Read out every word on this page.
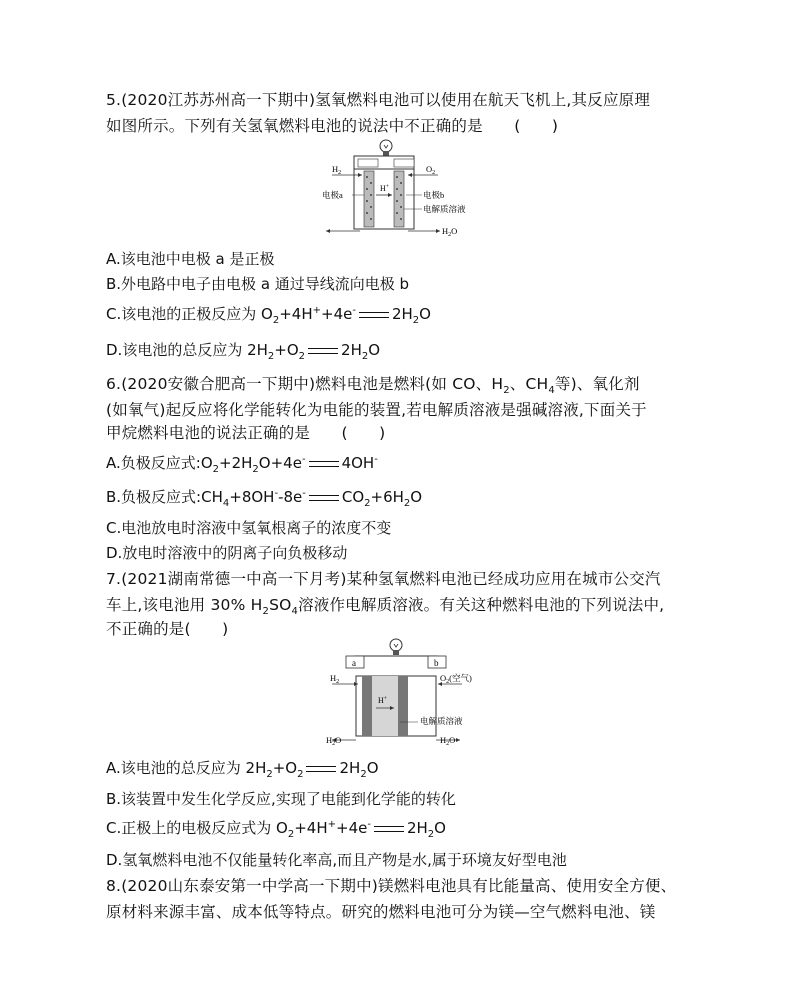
5.(2020江苏苏州高一下期中)氢氧燃料电池可以使用在航天飞机上,其反应原理
如图所示。下列有关氢氧燃料电池的说法中不正确的是　　(　　)
$H_2$	$O_2$
H+
电极a	电极b
电解质溶液
$H_2O$
A.该电池中电极 a 是正极
B.外电路中电子由电极 a 通过导线流向电极 b
C.该电池的正极反应为 $O_2+4H^++4e^-$ $2H_2O$
D.该电池的总反应为 $2H_2+O_2$ $2H_2O$
6.(2020安徽合肥高一下期中)燃料电池是燃料(如 CO、$H_2$、$CH_4$等)、氧化剂
(如氧气)起反应将化学能转化为电能的装置,若电解质溶液是强碱溶液,下面关于
甲烷燃料电池的说法正确的是　　(　　)
A.负极反应式$:O_2+2H_2O+4e^-$ 4OH-
B.负极反应式$:CH_4+8OH^--8e^-$ $CO_2+6H_2O$
C.电池放电时溶液中氢氧根离子的浓度不变
D.放电时溶液中的阴离子向负极移动
7.(2021湖南常德一中高一下月考)某种氢氧燃料电池已经成功应用在城市公交汽
车上,该电池用 30% $H_2SO_4$溶液作电解质溶液。有关这种燃料电池的下列说法中,
不正确的是(　　)
a	b
$H_2$	$O_2$(空气)
H+
电解质溶液
$H_2O$	$H_2O$
A.该电池的总反应为 $2H_2+O_2$ $2H_2O$
B.该装置中发生化学反应,实现了电能到化学能的转化
C.正极上的电极反应式为 $O_2+4H^++4e^-$ $2H_2O$
D.氢氧燃料电池不仅能量转化率高,而且产物是水,属于环境友好型电池
8.(2020山东泰安第一中学高一下期中)镁燃料电池具有比能量高、使用安全方便、
原材料来源丰富、成本低等特点。研究的燃料电池可分为镁—空气燃料电池、镁
